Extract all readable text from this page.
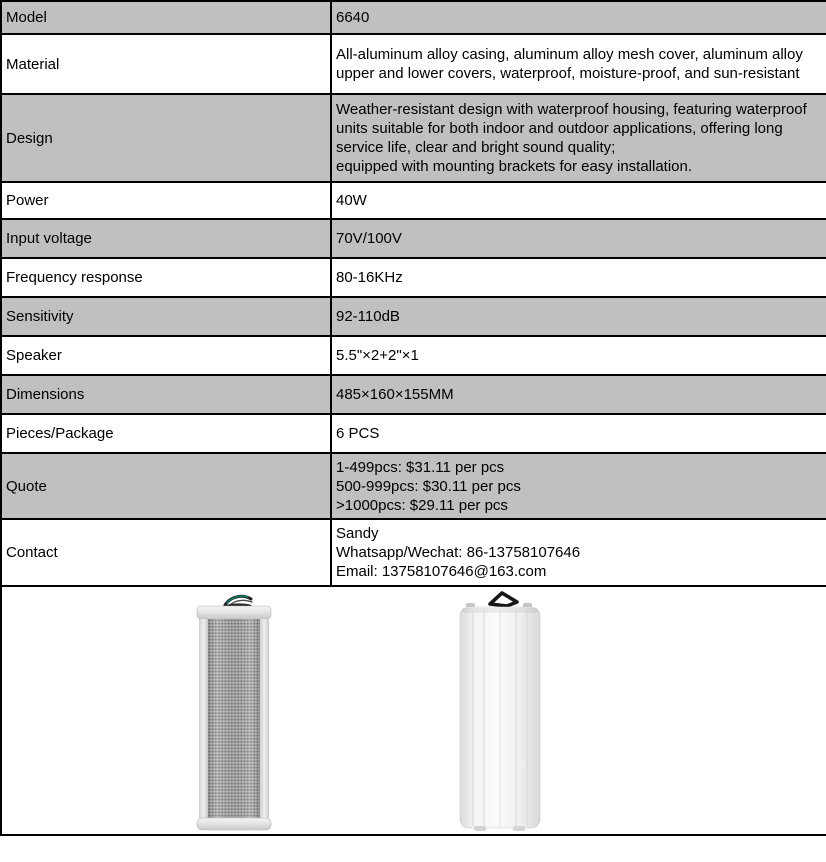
Model	6640
Material	All-aluminum alloy casing, aluminum alloy mesh cover, aluminum alloy upper and lower covers, waterproof, moisture-proof, and sun-resistant
Design	Weather-resistant design with waterproof housing, featuring waterproof units suitable for both indoor and outdoor applications, offering long service life, clear and bright sound quality;
equipped with mounting brackets for easy installation.

Power	40W
Input voltage	70V/100V
Frequency response	80-16KHz
Sensitivity	92-110dB
Speaker	5.5"×2+2"×1
Dimensions	485×160×155MM
Pieces/Package	6 PCS
Quote	1-499pcs: $31.11 per pcs
500-999pcs: $30.11 per pcs
>1000pcs: $29.11 per pcs

Contact	Sandy
Whatsapp/Wechat: 86-13758107646
Email: 13758107646@163.com
